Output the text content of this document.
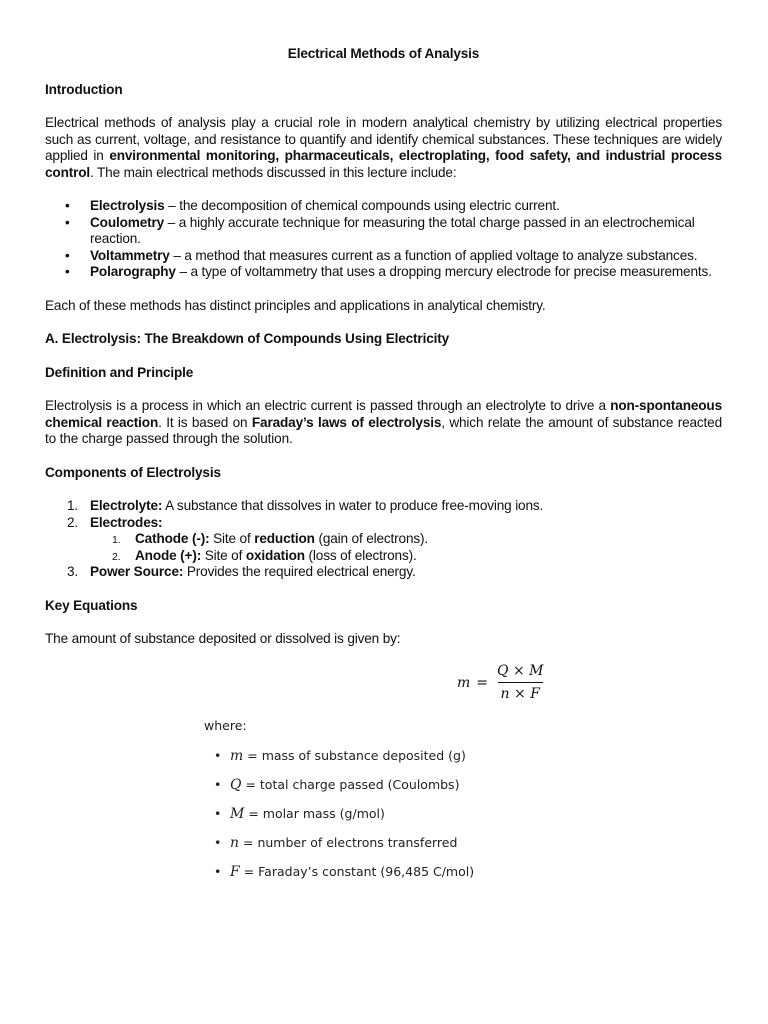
Electrical Methods of Analysis
Introduction
Electrical methods of analysis play a crucial role in modern analytical chemistry by utilizing electrical properties such as current, voltage, and resistance to quantify and identify chemical substances. These techniques are widely applied in environmental monitoring, pharmaceuticals, electroplating, food safety, and industrial process control. The main electrical methods discussed in this lecture include:
• Electrolysis – the decomposition of chemical compounds using electric current.
• Coulometry – a highly accurate technique for measuring the total charge passed in an electrochemical reaction.
• Voltammetry – a method that measures current as a function of applied voltage to analyze substances.
• Polarography – a type of voltammetry that uses a dropping mercury electrode for precise measurements.
Each of these methods has distinct principles and applications in analytical chemistry.
A. Electrolysis: The Breakdown of Compounds Using Electricity
Definition and Principle
Electrolysis is a process in which an electric current is passed through an electrolyte to drive a non-spontaneous chemical reaction. It is based on Faraday’s laws of electrolysis, which relate the amount of substance reacted to the charge passed through the solution.
Components of Electrolysis
1. Electrolyte: A substance that dissolves in water to produce free-moving ions.
2. Electrodes:
1. Cathode (-): Site of reduction (gain of electrons).
2. Anode (+): Site of oxidation (loss of electrons).
3. Power Source: Provides the required electrical energy.
Key Equations
The amount of substance deposited or dissolved is given by:
$m = \frac{Q \times M}{n \times F}$
where:
• m = mass of substance deposited (g)
• Q = total charge passed (Coulombs)
• M = molar mass (g/mol)
• n = number of electrons transferred
• F = Faraday’s constant (96,485 C/mol)
